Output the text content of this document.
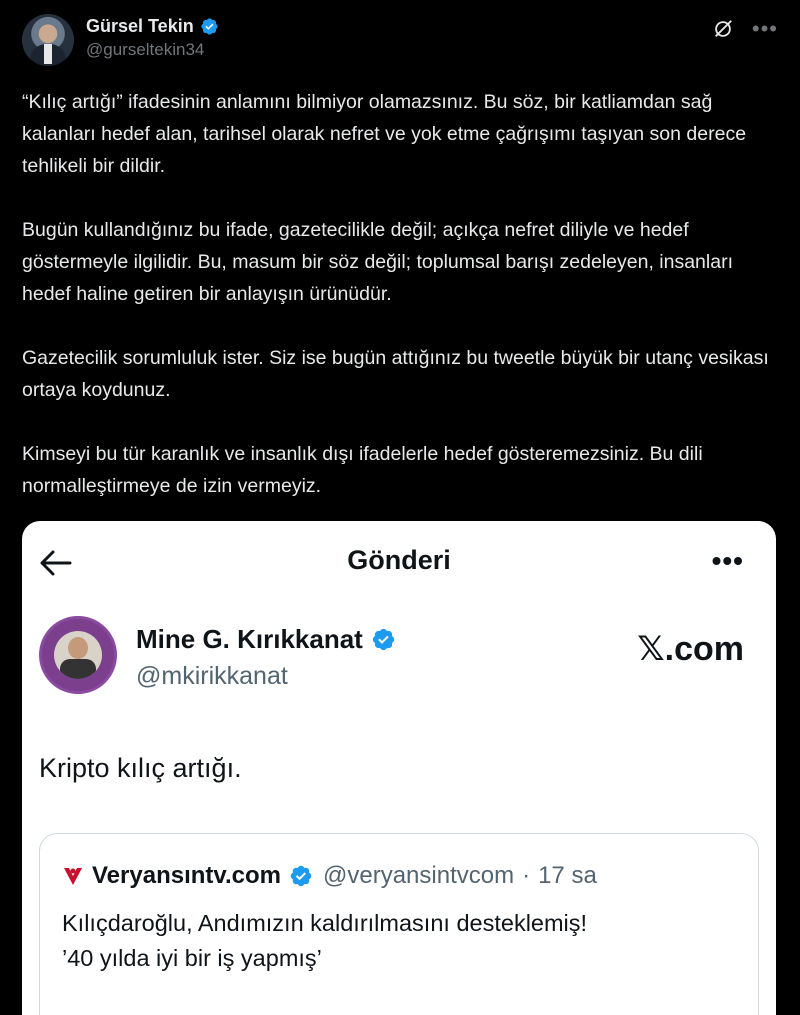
Gürsel Tekin
@gurseltekin34
•••

“Kılıç artığı” ifadesinin anlamını bilmiyor olamazsınız. Bu söz, bir katliamdan sağ kalanları hedef alan, tarihsel olarak nefret ve yok etme çağrışımı taşıyan son derece tehlikeli bir dildir.

Bugün kullandığınız bu ifade, gazetecilikle değil; açıkça nefret diliyle ve hedef göstermeyle ilgilidir. Bu, masum bir söz değil; toplumsal barışı zedeleyen, insanları hedef haline getiren bir anlayışın ürünüdür.

Gazetecilik sorumluluk ister. Siz ise bugün attığınız bu tweetle büyük bir utanç vesikası ortaya koydunuz.

Kimseyi bu tür karanlık ve insanlık dışı ifadelerle hedef gösteremezsiniz. Bu dili normalleştirmeye de izin vermeyiz.

Gönderi	•••
Mine G. Kırıkkanat
@mkirikkanat
𝕏.com
Kripto kılıç artığı.
Veryansıntv.com @veryansintvcom · 17 sa
Kılıçdaroğlu, Andımızın kaldırılmasını desteklemiş!
’40 yılda iyi bir iş yapmış’
